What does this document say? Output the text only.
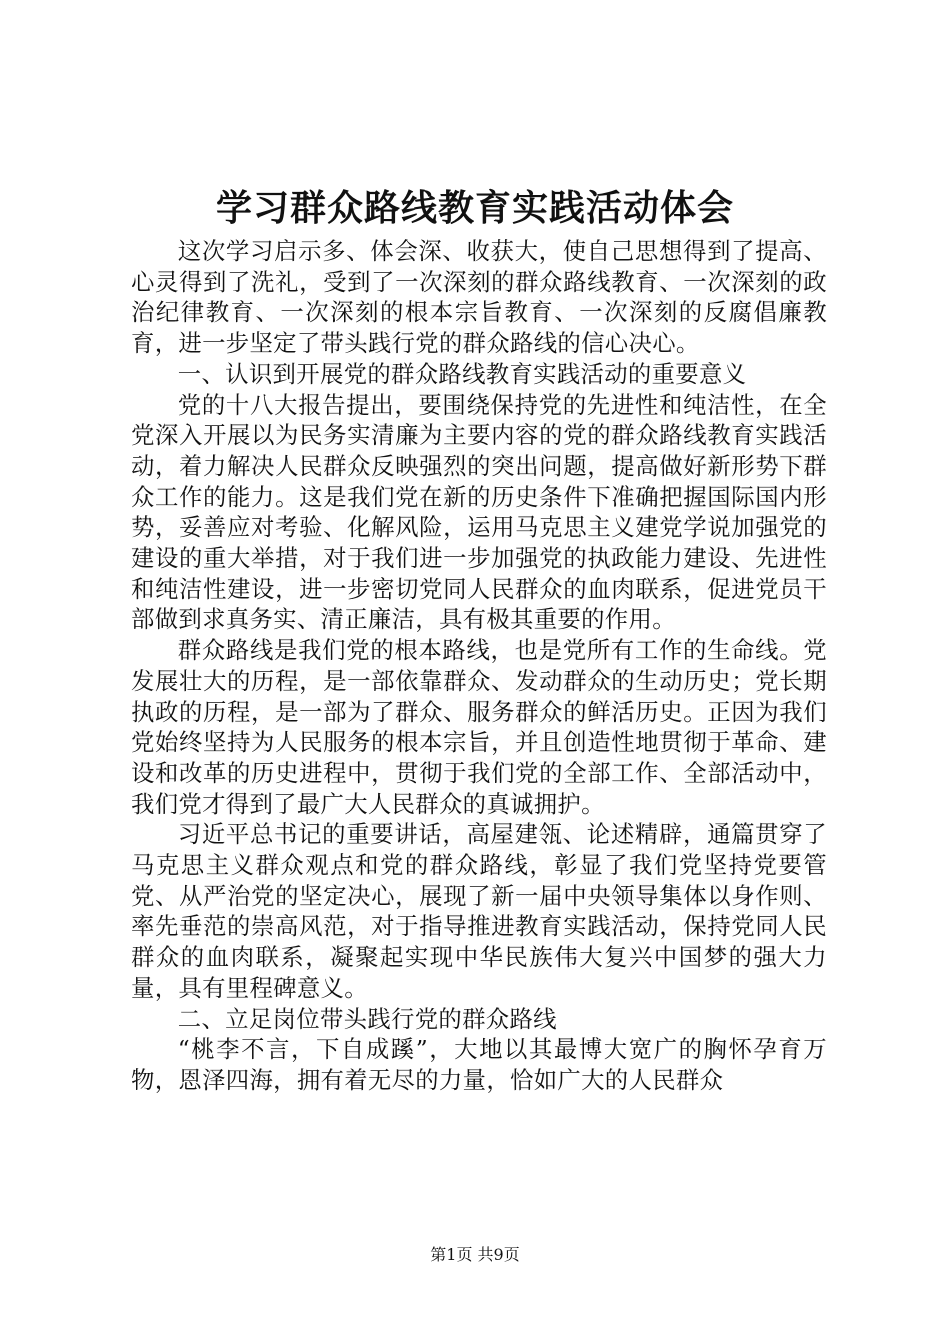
学习群众路线教育实践活动体会

这次学习启示多、体会深、收获大，使自己思想得到了提高、心灵得到了洗礼，受到了一次深刻的群众路线教育、一次深刻的政治纪律教育、一次深刻的根本宗旨教育、一次深刻的反腐倡廉教育，进一步坚定了带头践行党的群众路线的信心决心。

一、认识到开展党的群众路线教育实践活动的重要意义

党的十八大报告提出，要围绕保持党的先进性和纯洁性，在全党深入开展以为民务实清廉为主要内容的党的群众路线教育实践活动，着力解决人民群众反映强烈的突出问题，提高做好新形势下群众工作的能力。这是我们党在新的历史条件下准确把握国际国内形势，妥善应对考验、化解风险，运用马克思主义建党学说加强党的建设的重大举措，对于我们进一步加强党的执政能力建设、先进性和纯洁性建设，进一步密切党同人民群众的血肉联系，促进党员干部做到求真务实、清正廉洁，具有极其重要的作用。

群众路线是我们党的根本路线，也是党所有工作的生命线。党发展壮大的历程，是一部依靠群众、发动群众的生动历史；党长期执政的历程，是一部为了群众、服务群众的鲜活历史。正因为我们党始终坚持为人民服务的根本宗旨，并且创造性地贯彻于革命、建设和改革的历史进程中，贯彻于我们党的全部工作、全部活动中，我们党才得到了最广大人民群众的真诚拥护。

习近平总书记的重要讲话，高屋建瓴、论述精辟，通篇贯穿了马克思主义群众观点和党的群众路线，彰显了我们党坚持党要管党、从严治党的坚定决心，展现了新一届中央领导集体以身作则、率先垂范的崇高风范，对于指导推进教育实践活动，保持党同人民群众的血肉联系，凝聚起实现中华民族伟大复兴中国梦的强大力量，具有里程碑意义。

二、立足岗位带头践行党的群众路线

“桃李不言，下自成蹊”，大地以其最博大宽广的胸怀孕育万物，恩泽四海，拥有着无尽的力量，恰如广大的人民群众

第1页 共9页
